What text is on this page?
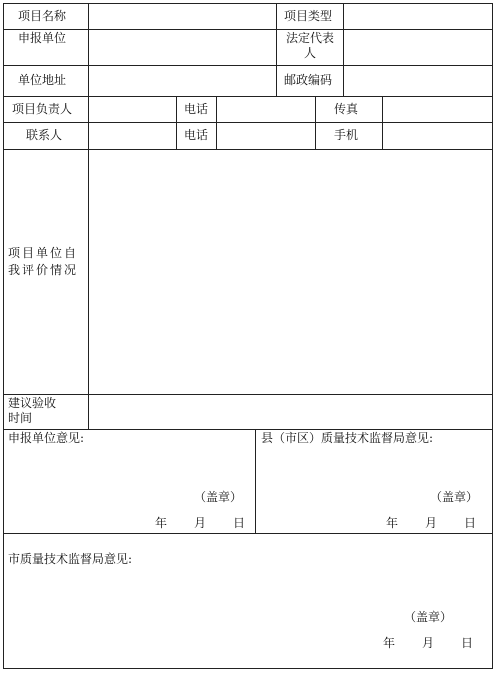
项目名称	项目类型
申报单位	法定代表人
单位地址	邮政编码
项目负责人	电话	传真
联系人	电话	手机
项目单位自我评价情况
建议验收时间
申报单位意见:
（盖章）
年 月 日
县（市区）质量技术监督局意见:
（盖章）
年 月 日
市质量技术监督局意见:
（盖章）
年 月 日
